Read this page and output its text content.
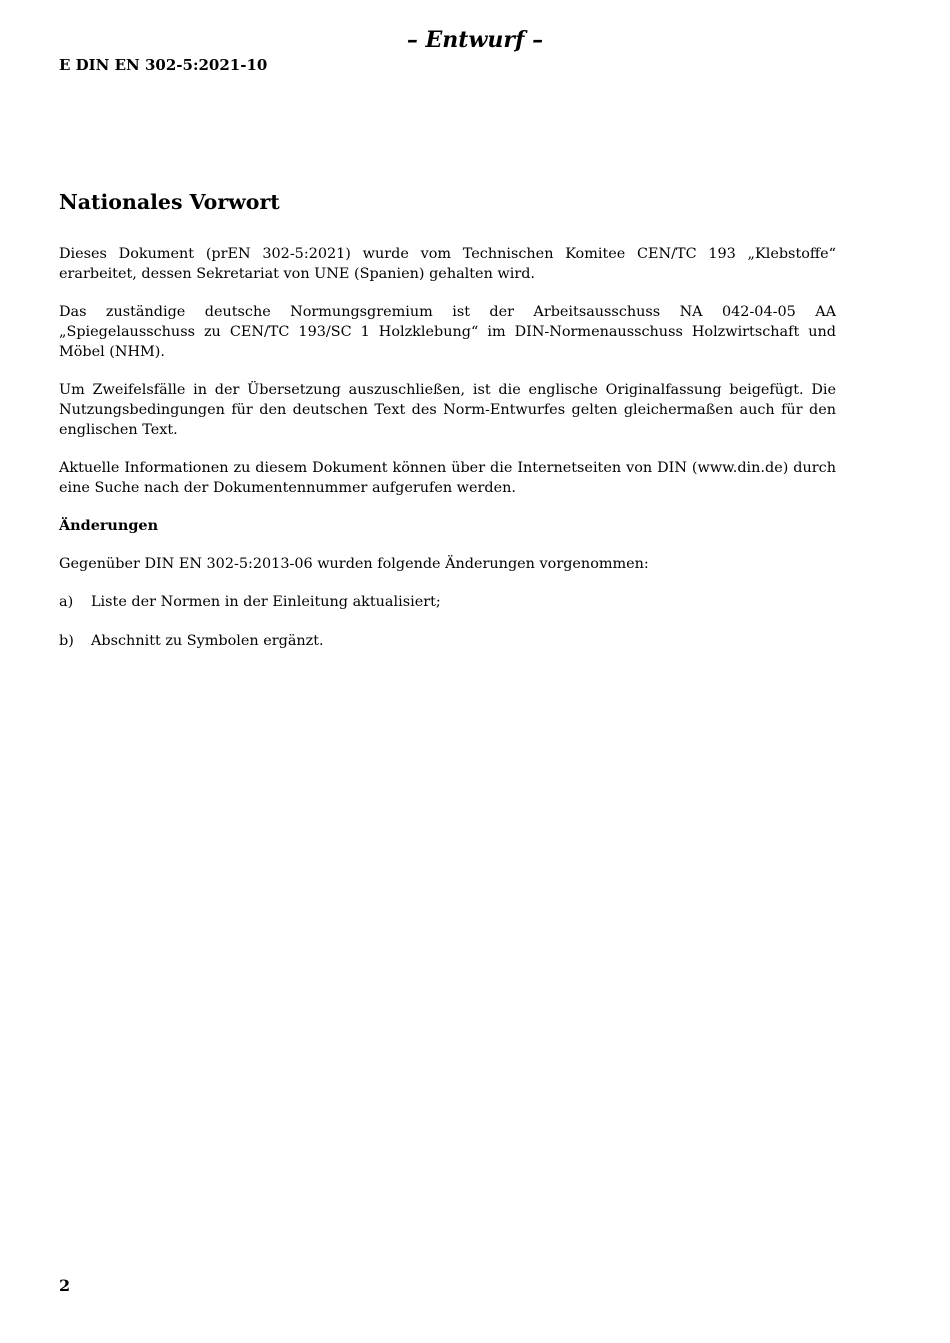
– Entwurf –
E DIN EN 302-5:2021-10
Nationales Vorwort

Dieses Dokument (prEN 302-5:2021) wurde vom Technischen Komitee CEN/TC 193 „Klebstoffe“ erarbeitet, dessen Sekretariat von UNE (Spanien) gehalten wird.

Das zuständige deutsche Normungsgremium ist der Arbeitsausschuss NA 042-04-05 AA „Spiegelausschuss zu CEN/TC 193/SC 1 Holzklebung“ im DIN-Normenausschuss Holzwirtschaft und Möbel (NHM).

Um Zweifelsfälle in der Übersetzung auszuschließen, ist die englische Originalfassung beigefügt. Die Nutzungsbedingungen für den deutschen Text des Norm-Entwurfes gelten gleichermaßen auch für den englischen Text.

Aktuelle Informationen zu diesem Dokument können über die Internetseiten von DIN (www.din.de) durch eine Suche nach der Dokumentennummer aufgerufen werden.

Änderungen

Gegenüber DIN EN 302-5:2013-06 wurden folgende Änderungen vorgenommen:

a)	Liste der Normen in der Einleitung aktualisiert;
b)	Abschnitt zu Symbolen ergänzt.
2
